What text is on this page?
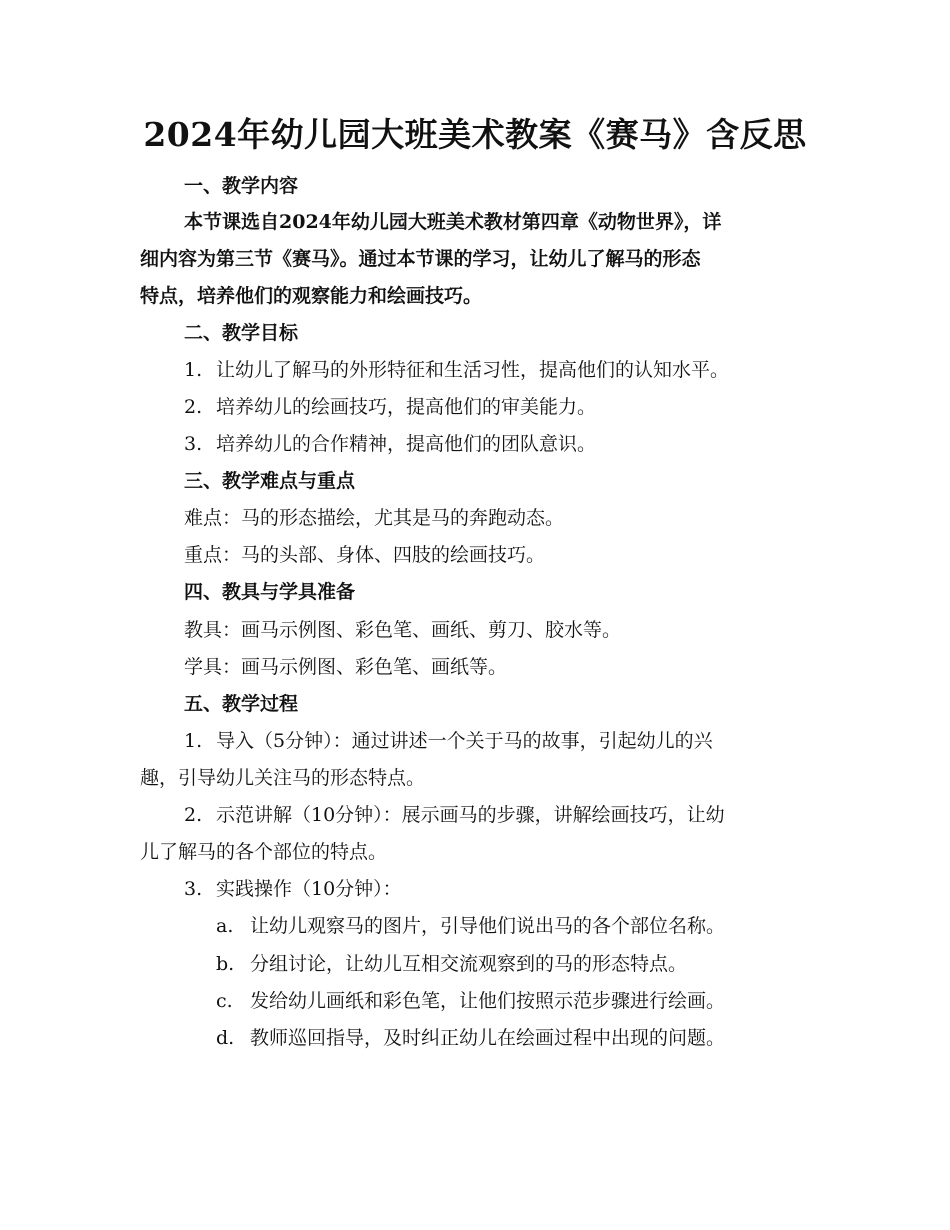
2024年幼儿园大班美术教案《赛马》含反思
一、教学内容
本节课选自2024年幼儿园大班美术教材第四章《动物世界》，详
细内容为第三节《赛马》。通过本节课的学习，让幼儿了解马的形态
特点，培养他们的观察能力和绘画技巧。
二、教学目标
1. 让幼儿了解马的外形特征和生活习性，提高他们的认知水平。
2. 培养幼儿的绘画技巧，提高他们的审美能力。
3. 培养幼儿的合作精神，提高他们的团队意识。
三、教学难点与重点
难点：马的形态描绘，尤其是马的奔跑动态。
重点：马的头部、身体、四肢的绘画技巧。
四、教具与学具准备
教具：画马示例图、彩色笔、画纸、剪刀、胶水等。
学具：画马示例图、彩色笔、画纸等。
五、教学过程
1. 导入（5分钟）：通过讲述一个关于马的故事，引起幼儿的兴
趣，引导幼儿关注马的形态特点。
2. 示范讲解（10分钟）：展示画马的步骤，讲解绘画技巧，让幼
儿了解马的各个部位的特点。
3. 实践操作（10分钟）：
a. 让幼儿观察马的图片，引导他们说出马的各个部位名称。
b. 分组讨论，让幼儿互相交流观察到的马的形态特点。
c. 发给幼儿画纸和彩色笔，让他们按照示范步骤进行绘画。
d. 教师巡回指导，及时纠正幼儿在绘画过程中出现的问题。
